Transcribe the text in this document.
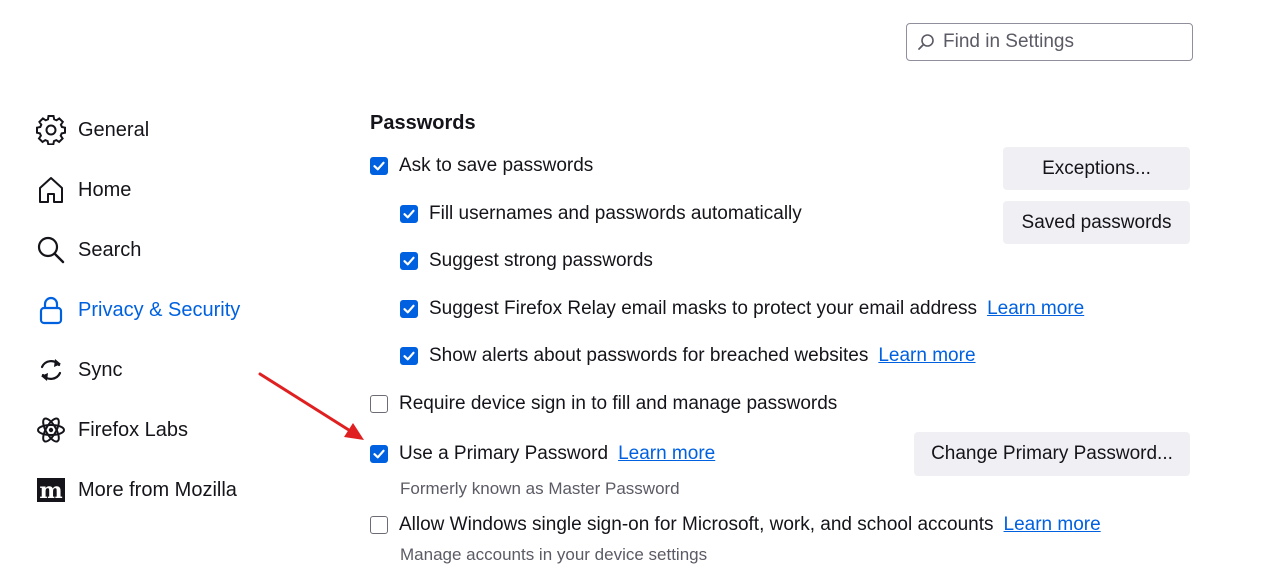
Find in Settings
General
Home
Search
Privacy & Security
Sync
Firefox Labs
m More from Mozilla
Passwords
Ask to save passwords
Fill usernames and passwords automatically
Suggest strong passwords
Suggest Firefox Relay email masks to protect your email address Learn more
Show alerts about passwords for breached websites Learn more
Require device sign in to fill and manage passwords
Use a Primary Password Learn more
Formerly known as Master Password
Allow Windows single sign-on for Microsoft, work, and school accounts Learn more
Manage accounts in your device settings
Exceptions...
Saved passwords
Change Primary Password...
